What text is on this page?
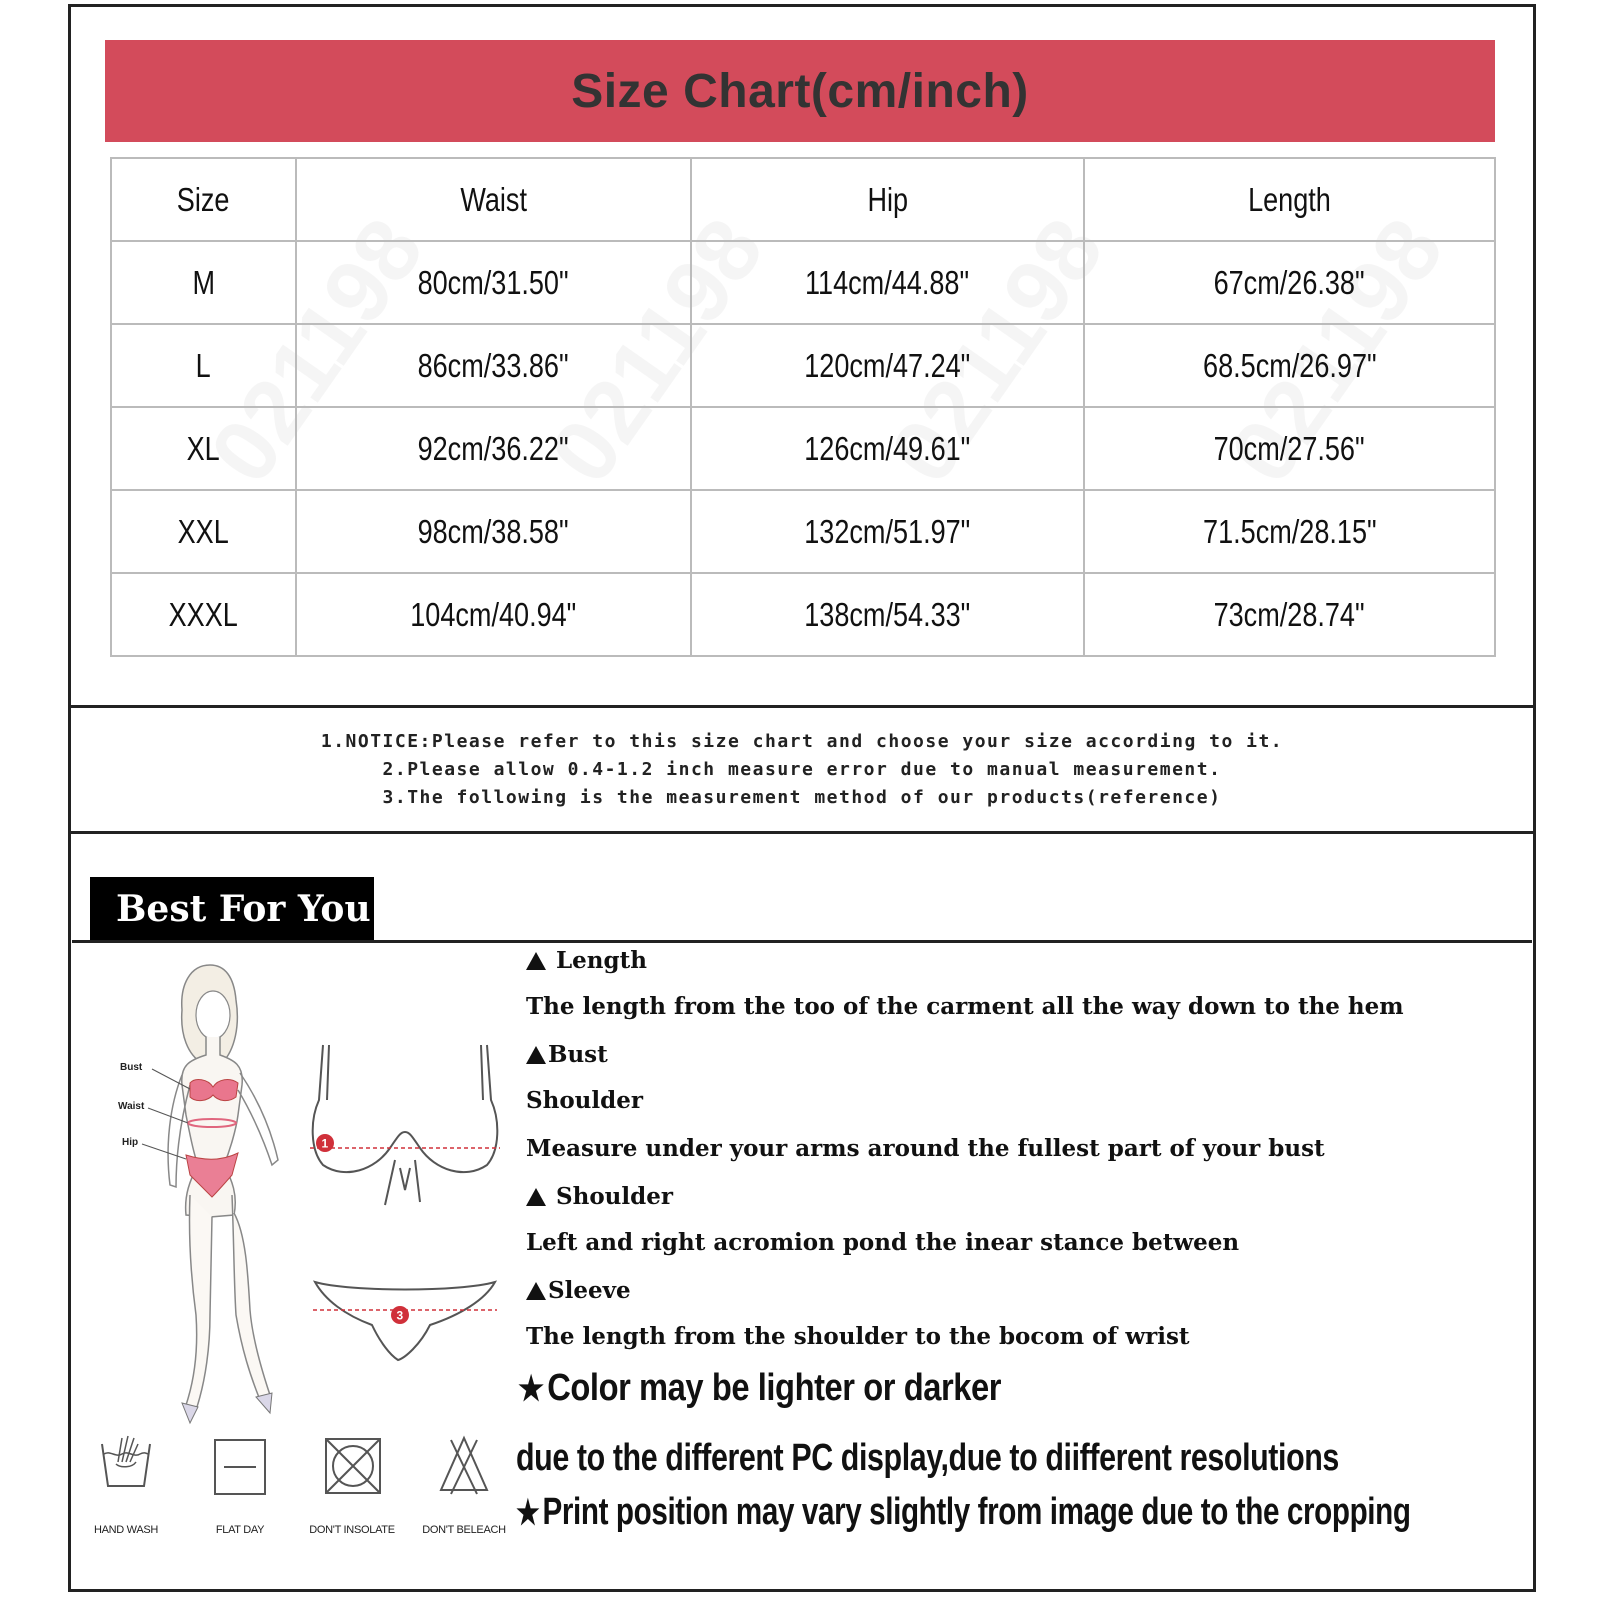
Size Chart(cm/inch)
Size	Waist	Hip	Length
M	80cm/31.50"	114cm/44.88"	67cm/26.38"
L	86cm/33.86"	120cm/47.24"	68.5cm/26.97"
XL	92cm/36.22"	126cm/49.61"	70cm/27.56"
XXL	98cm/38.58"	132cm/51.97"	71.5cm/28.15"
XXXL	104cm/40.94"	138cm/54.33"	73cm/28.74"
1.NOTICE:Please refer to this size chart and choose your size according to it.
2.Please allow 0.4-1.2 inch measure error due to manual measurement.
3.The following is the measurement method of our products(reference)
Best For You
Bust
Waist
Hip	1
3
HAND WASH	FLAT DAY	DON'T INSOLATE	DON'T BELEACH
Length
The length from the too of the carment all the way down to the hem
Bust
Shoulder
Measure under your arms around the fullest part of your bust
Shoulder
Left and right acromion pond the inear stance between
Sleeve
The length from the shoulder to the bocom of wrist
★Color may be lighter or darker
due to the different PC display,due to diifferent resolutions
★Print position may vary slightly from image due to the cropping
